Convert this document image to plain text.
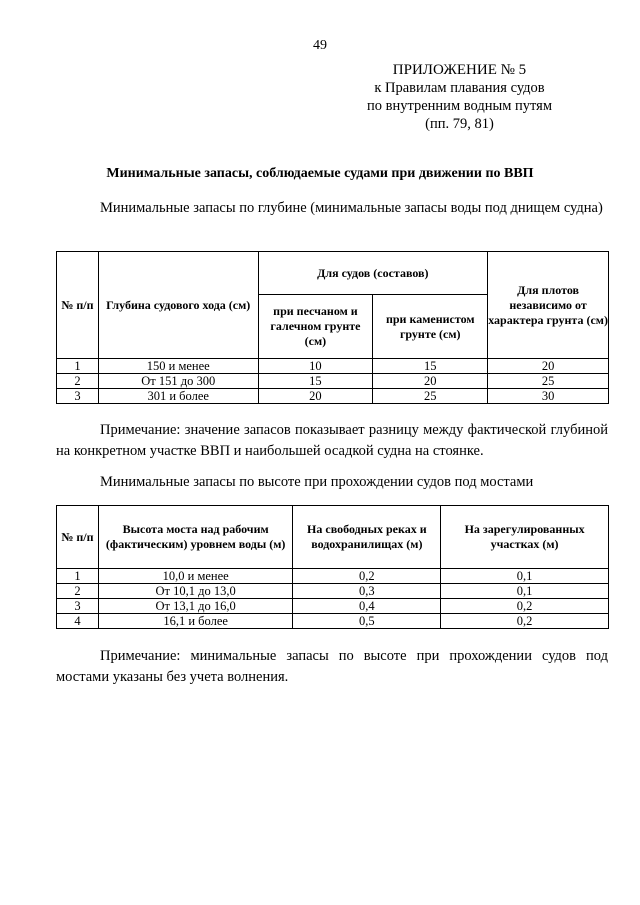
49
ПРИЛОЖЕНИЕ № 5
к Правилам плавания судов
по внутренним водным путям
(пп. 79, 81)
Минимальные запасы, соблюдаемые судами при движении по ВВП
Минимальные запасы по глубине (минимальные запасы воды под днищем судна)
№ п/п	Глубина судового хода (см)	Для судов (составов)		Для плотов независимо от характера грунта (см)
		при песчаном и галечном грунте (см)	при каменистом грунте (см)	
1	150 и менее	10	15	20
2	От 151 до 300	15	20	25
3	301 и более	20	25	30
Примечание: значение запасов показывает разницу между фактической глубиной на конкретном участке ВВП и наибольшей осадкой судна на стоянке.
Минимальные запасы по высоте при прохождении судов под мостами
№ п/п	Высота моста над рабочим (фактическим) уровнем воды (м)	На свободных реках и водохранилищах (м)	На зарегулированных участках (м)
1	10,0 и менее	0,2	0,1
2	От 10,1 до 13,0	0,3	0,1
3	От 13,1 до 16,0	0,4	0,2
4	16,1 и более	0,5	0,2
Примечание: минимальные запасы по высоте при прохождении судов под мостами указаны без учета волнения.
